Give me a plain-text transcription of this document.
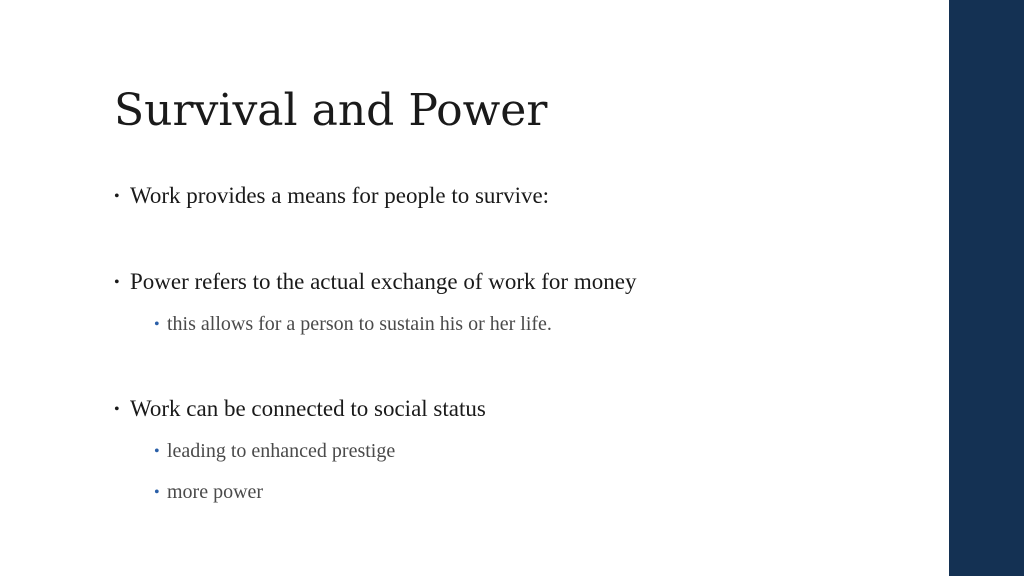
Survival and Power
• Work provides a means for people to survive:
• Power refers to the actual exchange of work for money
• this allows for a person to sustain his or her life.
• Work can be connected to social status
• leading to enhanced prestige
• more power
